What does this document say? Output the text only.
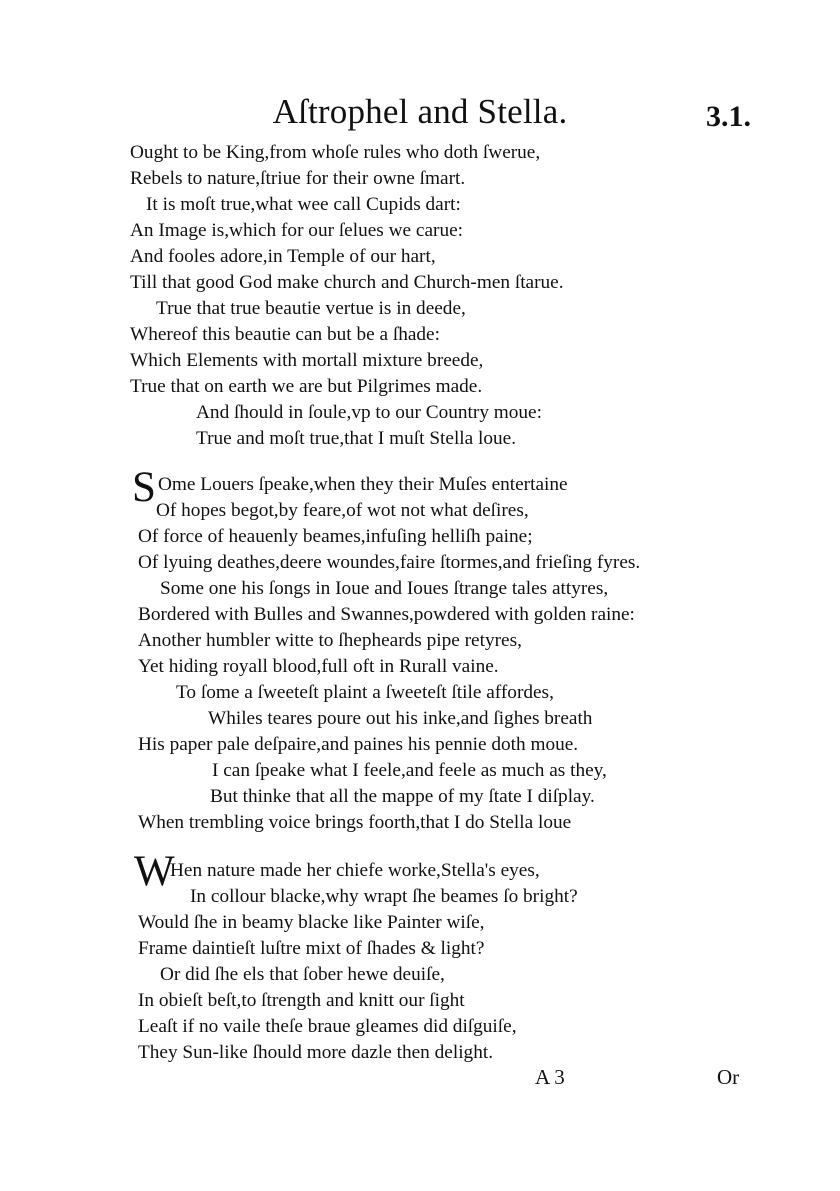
Aſtrophel and Stella.	3.1.
Ought to be King,from whoſe rules who doth ſwerue,
Rebels to nature,ſtriue for their owne ſmart.
It is moſt true,what wee call Cupids dart:
An Image is,which for our ſelues we carue:
And fooles adore,in Temple of our hart,
Till that good God make church and Church-men ſtarue.
True that true beautie vertue is in deede,
Whereof this beautie can but be a ſhade:
Which Elements with mortall mixture breede,
True that on earth we are but Pilgrimes made.
And ſhould in ſoule,vp to our Country moue:
True and moſt true,that I muſt Stella loue.
S Ome Louers ſpeake,when they their Muſes entertaine
Of hopes begot,by feare,of wot not what deſires,
Of force of heauenly beames,infuſing helliſh paine;
Of lyuing deathes,deere woundes,faire ſtormes,and frieſing fyres.
Some one his ſongs in Ioue and Ioues ſtrange tales attyres,
Bordered with Bulles and Swannes,powdered with golden raine:
Another humbler witte to ſhepheards pipe retyres,
Yet hiding royall blood,full oft in Rurall vaine.
To ſome a ſweeteſt plaint a ſweeteſt ſtile affordes,
Whiles teares poure out his inke,and ſighes breath
His paper pale deſpaire,and paines his pennie doth moue.
I can ſpeake what I feele,and feele as much as they,
But thinke that all the mappe of my ſtate I diſplay.
When trembling voice brings foorth,that I do Stella loue
W
Hen nature made her chiefe worke,Stella's eyes,
In collour blacke,why wrapt ſhe beames ſo bright?
Would ſhe in beamy blacke like Painter wiſe,
Frame daintieſt luſtre mixt of ſhades & light?
Or did ſhe els that ſober hewe deuiſe,
In obieſt beſt,to ſtrength and knitt our ſight
Leaſt if no vaile theſe braue gleames did diſguiſe,
They Sun-like ſhould more dazle then delight.
A 3	Or
